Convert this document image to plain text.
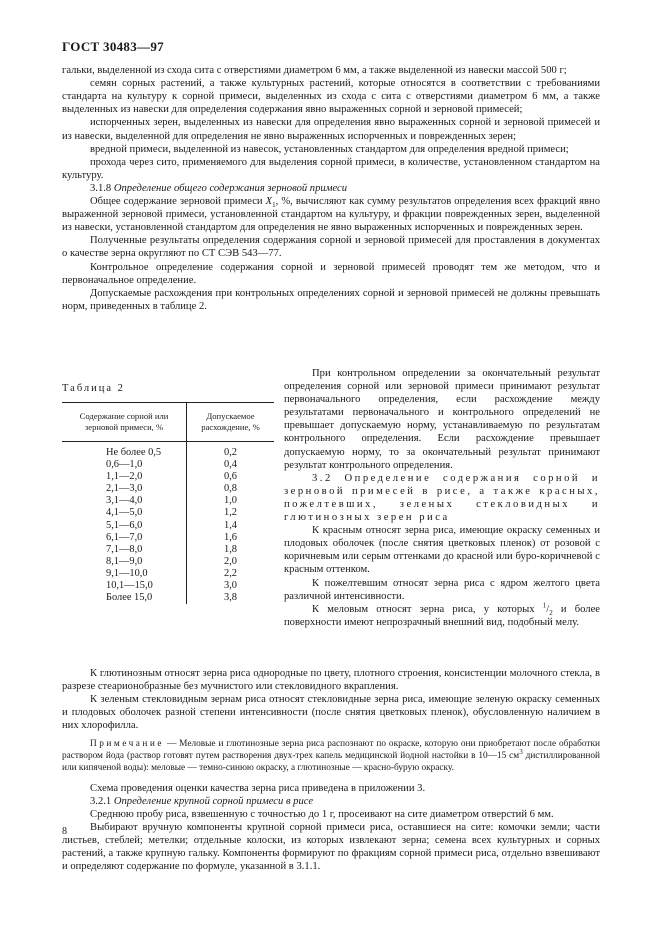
ГОСТ 30483—97

гальки, выделенной из схода сита с отверстиями диаметром 6 мм, а также выделенной из навески массой 500 г;

семян сорных растений, а также культурных растений, которые относятся в соответствии с требованиями стандарта на культуру к сорной примеси, выделенных из схода с сита с отверстиями диаметром 6 мм, а также выделенных из навески для определения содержания явно выраженных сорной и зерновой примесей;

испорченных зерен, выделенных из навески для определения явно выраженных сорной и зерновой примесей и из навески, выделенной для определения не явно выраженных испорченных и поврежденных зерен;

вредной примеси, выделенной из навесок, установленных стандартом для определения вредной примеси;

прохода через сито, применяемого для выделения сорной примеси, в количестве, установленном стандартом на культуру.

3.1.8 Определение общего содержания зерновой примеси

Общее содержание зерновой примеси $X_1$, %, вычисляют как сумму результатов определения всех фракций явно выраженной зерновой примеси, установленной стандартом на культуру, и фракции поврежденных зерен, выделенной из навески, установленной стандартом для определения не явно выраженных испорченных и поврежденных зерен.

Полученные результаты определения содержания сорной и зерновой примесей для проставления в документах о качестве зерна округляют по СТ СЭВ 543—77.

Контрольное определение содержания сорной и зерновой примесей проводят тем же методом, что и первоначальное определение.

Допускаемые расхождения при контрольных определениях сорной и зерновой примесей не должны превышать норм, приведенных в таблице 2.

Таблица 2
Содержание сорной или зерновой примеси, %	Допускаемое расхождение, %
Не более 0,5	0,2
0,6—1,0	0,4
1,1—2,0	0,6
2,1—3,0	0,8
3,1—4,0	1,0
4,1—5,0	1,2
5,1—6,0	1,4
6,1—7,0	1,6
7,1—8,0	1,8
8,1—9,0	2,0
9,1—10,0	2,2
10,1—15,0	3,0
Более 15,0	3,8

При контрольном определении за окончательный результат определения сорной или зерновой примеси принимают результат первоначального определения, если расхождение между результатами первоначального и контрольного определений не превышает допускаемую норму, устанавливаемую по результатам контрольного определения. Если расхождение превышает допускаемую норму, то за окончательный результат принимают результат контрольного определения.

3.2 Определение содержания сорной и зерновой примесей в рисе, а также красных, пожелтевших, зеленых стекловидных и глютинозных зерен риса

К красным относят зерна риса, имеющие окраску семенных и плодовых оболочек (после снятия цветковых пленок) от розовой с коричневым или серым оттенками до красной или буро-коричневой с красным оттенком.

К пожелтевшим относят зерна риса с ядром желтого цвета различной интенсивности.

К меловым относят зерна риса, у которых $^1/_2$ и более поверхности имеют непрозрачный внешний вид, подобный мелу.

К глютинозным относят зерна риса однородные по цвету, плотного строения, консистенции молочного стекла, в разрезе стеарионобразные без мучнистого или стекловидного вкрапления.

К зеленым стекловидным зернам риса относят стекловидные зерна риса, имеющие зеленую окраску семенных и плодовых оболочек разной степени интенсивности (после снятия цветковых пленок), обусловленную наличием в них хлорофилла.

Примечание — Меловые и глютинозные зерна риса распознают по окраске, которую они приобретают после обработки раствором йода (раствор готовят путем растворения двух-трех капель медицинской йодной настойки в 10—15 $см^3$ дистиллированной или кипяченой воды): меловые — темно-синюю окраску, а глютинозные — красно-бурую окраску.

Схема проведения оценки качества зерна риса приведена в приложении 3.

3.2.1 Определение крупной сорной примеси в рисе

Среднюю пробу риса, взвешенную с точностью до 1 г, просеивают на сите диаметром отверстий 6 мм.

Выбирают вручную компоненты крупной сорной примеси риса, оставшиеся на сите: комочки земли; части листьев, стеблей; метелки; отдельные колоски, из которых извлекают зерна; семена всех культурных и сорных растений, а также крупную гальку. Компоненты формируют по фракциям сорной примеси риса, отдельно взвешивают и определяют содержание по формуле, указанной в 3.1.1.

8
